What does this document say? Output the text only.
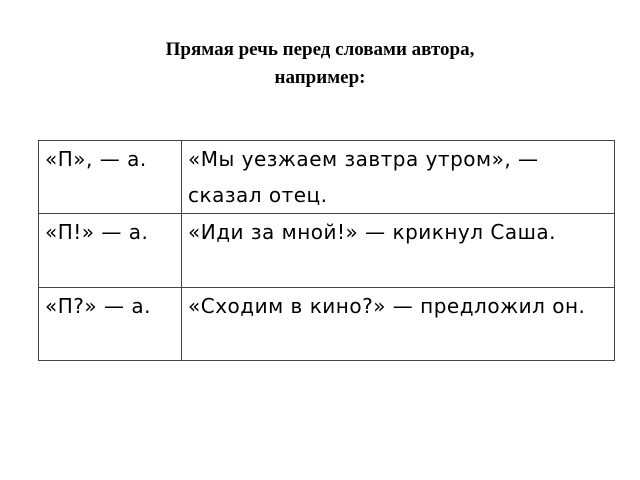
Прямая речь перед словами автора,
например:
«П», — а.	«Мы уезжаем завтра утром», — сказал отец.

«П!» — а.	«Иди за мной!» — крикнул Саша.

«П?» — а.	«Сходим в кино?» — предложил он.
